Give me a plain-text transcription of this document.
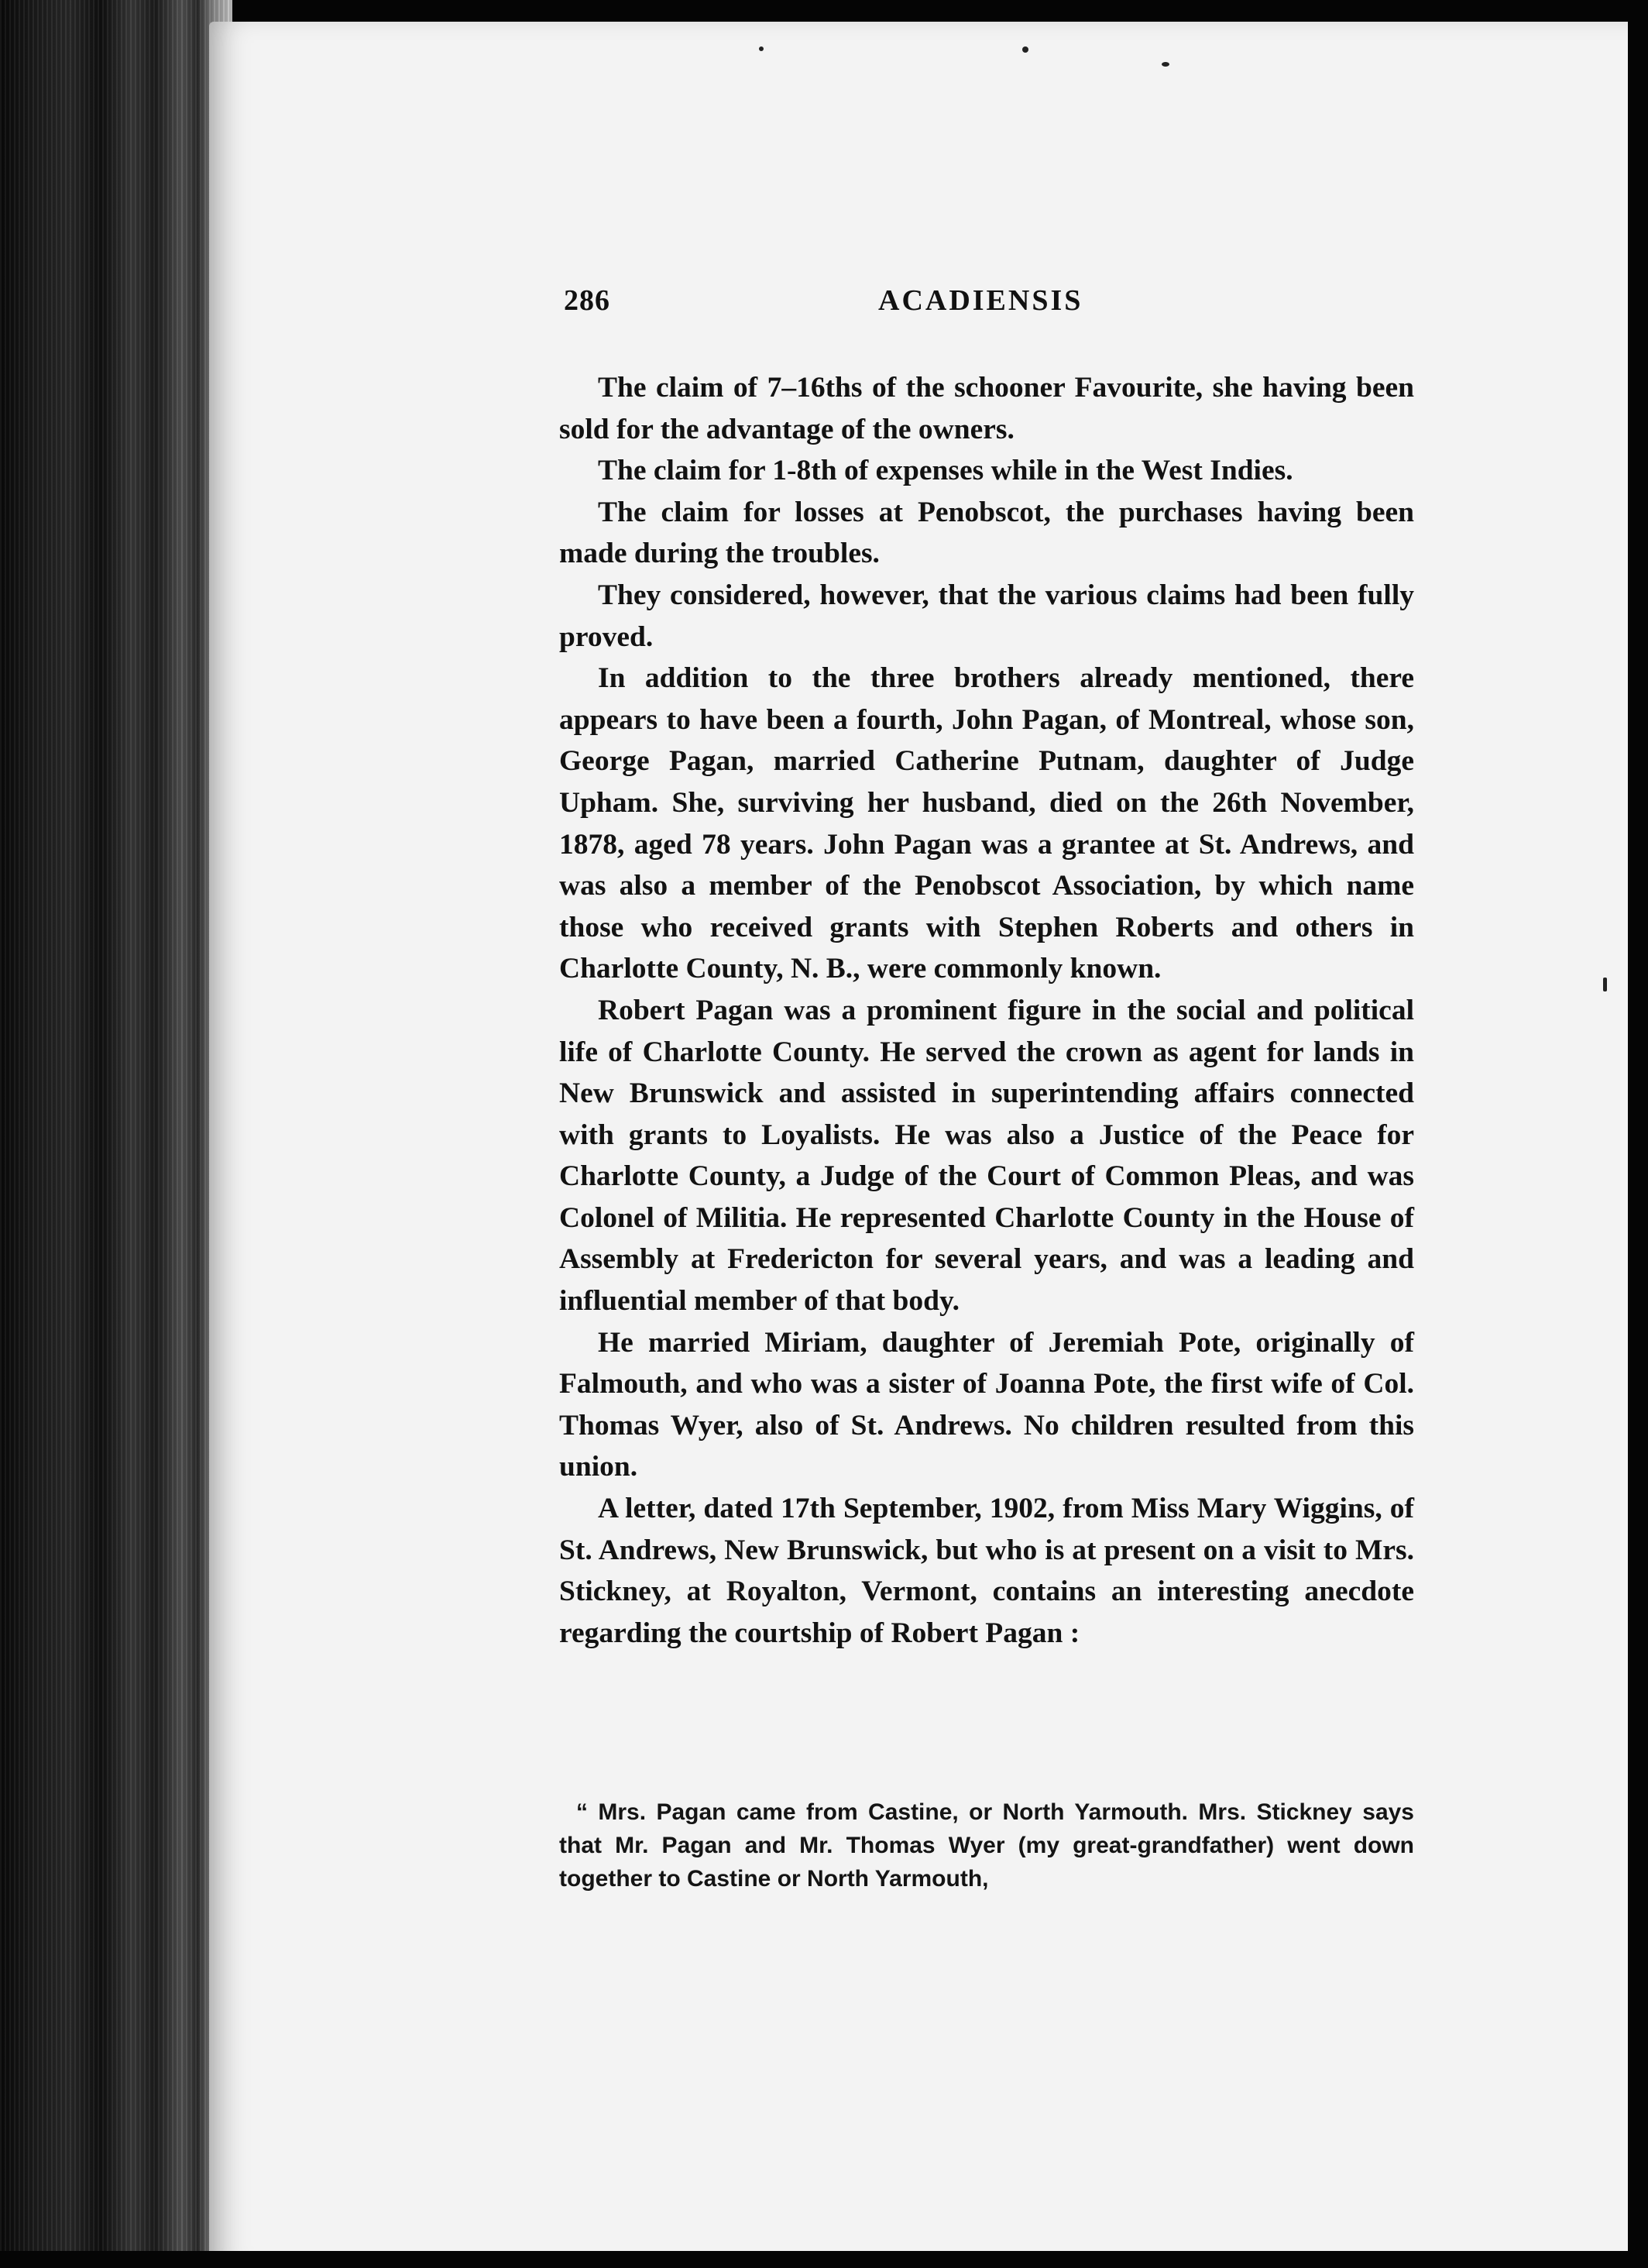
286	ACADIENSIS

The claim of 7–16ths of the schooner Favourite, she having been sold for the advantage of the owners.

The claim for 1-8th of expenses while in the West Indies.

The claim for losses at Penobscot, the purchases having been made during the troubles.

They considered, however, that the various claims had been fully proved.

In addition to the three brothers already mentioned, there appears to have been a fourth, John Pagan, of Montreal, whose son, George Pagan, married Catherine Putnam, daughter of Judge Upham. She, surviving her husband, died on the 26th November, 1878, aged 78 years. John Pagan was a grantee at St. Andrews, and was also a member of the Penobscot Association, by which name those who received grants with Stephen Roberts and others in Charlotte County, N. B., were commonly known.

Robert Pagan was a prominent figure in the social and political life of Charlotte County. He served the crown as agent for lands in New Brunswick and assisted in superintending affairs connected with grants to Loyalists. He was also a Justice of the Peace for Charlotte County, a Judge of the Court of Common Pleas, and was Colonel of Militia. He represented Charlotte County in the House of Assembly at Fredericton for several years, and was a leading and influential member of that body.

He married Miriam, daughter of Jeremiah Pote, originally of Falmouth, and who was a sister of Joanna Pote, the first wife of Col. Thomas Wyer, also of St. Andrews. No children resulted from this union.

A letter, dated 17th September, 1902, from Miss Mary Wiggins, of St. Andrews, New Brunswick, but who is at present on a visit to Mrs. Stickney, at Royalton, Vermont, contains an interesting anecdote regarding the courtship of Robert Pagan :

“ Mrs. Pagan came from Castine, or North Yarmouth. Mrs. Stickney says that Mr. Pagan and Mr. Thomas Wyer (my great-grandfather) went down together to Castine or North Yarmouth,
